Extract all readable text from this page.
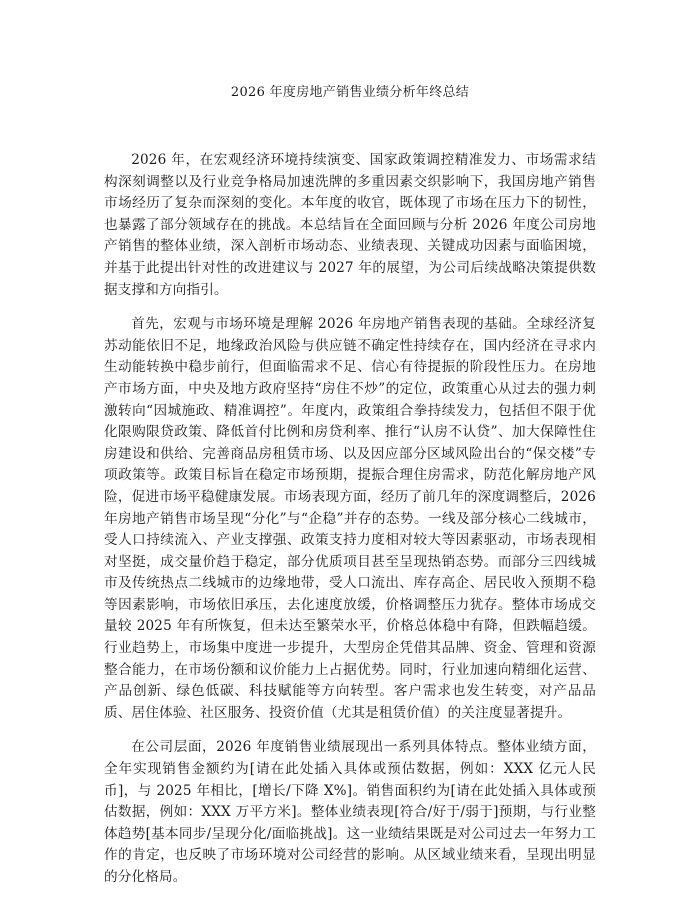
2026 年度房地产销售业绩分析年终总结

2026 年，在宏观经济环境持续演变、国家政策调控精准发力、市场需求结构深刻调整以及行业竞争格局加速洗牌的多重因素交织影响下，我国房地产销售市场经历了复杂而深刻的变化。本年度的收官，既体现了市场在压力下的韧性，也暴露了部分领域存在的挑战。本总结旨在全面回顾与分析 2026 年度公司房地产销售的整体业绩，深入剖析市场动态、业绩表现、关键成功因素与面临困境，并基于此提出针对性的改进建议与 2027 年的展望，为公司后续战略决策提供数据支撑和方向指引。

首先，宏观与市场环境是理解 2026 年房地产销售表现的基础。全球经济复苏动能依旧不足，地缘政治风险与供应链不确定性持续存在，国内经济在寻求内生动能转换中稳步前行，但面临需求不足、信心有待提振的阶段性压力。在房地产市场方面，中央及地方政府坚持“房住不炒”的定位，政策重心从过去的强力刺激转向“因城施政、精准调控”。年度内，政策组合拳持续发力，包括但不限于优化限购限贷政策、降低首付比例和房贷利率、推行“认房不认贷”、加大保障性住房建设和供给、完善商品房租赁市场、以及因应部分区域风险出台的“保交楼”专项政策等。政策目标旨在稳定市场预期，提振合理住房需求，防范化解房地产风险，促进市场平稳健康发展。市场表现方面，经历了前几年的深度调整后，2026 年房地产销售市场呈现“分化”与“企稳”并存的态势。一线及部分核心二线城市，受人口持续流入、产业支撑强、政策支持力度相对较大等因素驱动，市场表现相对坚挺，成交量价趋于稳定，部分优质项目甚至呈现热销态势。而部分三四线城市及传统热点二线城市的边缘地带，受人口流出、库存高企、居民收入预期不稳等因素影响，市场依旧承压，去化速度放缓，价格调整压力犹存。整体市场成交量较 2025 年有所恢复，但未达至繁荣水平，价格总体稳中有降，但跌幅趋缓。行业趋势上，市场集中度进一步提升，大型房企凭借其品牌、资金、管理和资源整合能力，在市场份额和议价能力上占据优势。同时，行业加速向精细化运营、产品创新、绿色低碳、科技赋能等方向转型。客户需求也发生转变，对产品品质、居住体验、社区服务、投资价值（尤其是租赁价值）的关注度显著提升。

在公司层面，2026 年度销售业绩展现出一系列具体特点。整体业绩方面，全年实现销售金额约为[请在此处插入具体或预估数据，例如：XXX 亿元人民币]，与 2025 年相比，[增长/下降 X%]。销售面积约为[请在此处插入具体或预估数据，例如：XXX 万平方米]。整体业绩表现[符合/好于/弱于]预期，与行业整体趋势[基本同步/呈现分化/面临挑战]。这一业绩结果既是对公司过去一年努力工作的肯定，也反映了市场环境对公司经营的影响。从区域业绩来看，呈现出明显的分化格局。
